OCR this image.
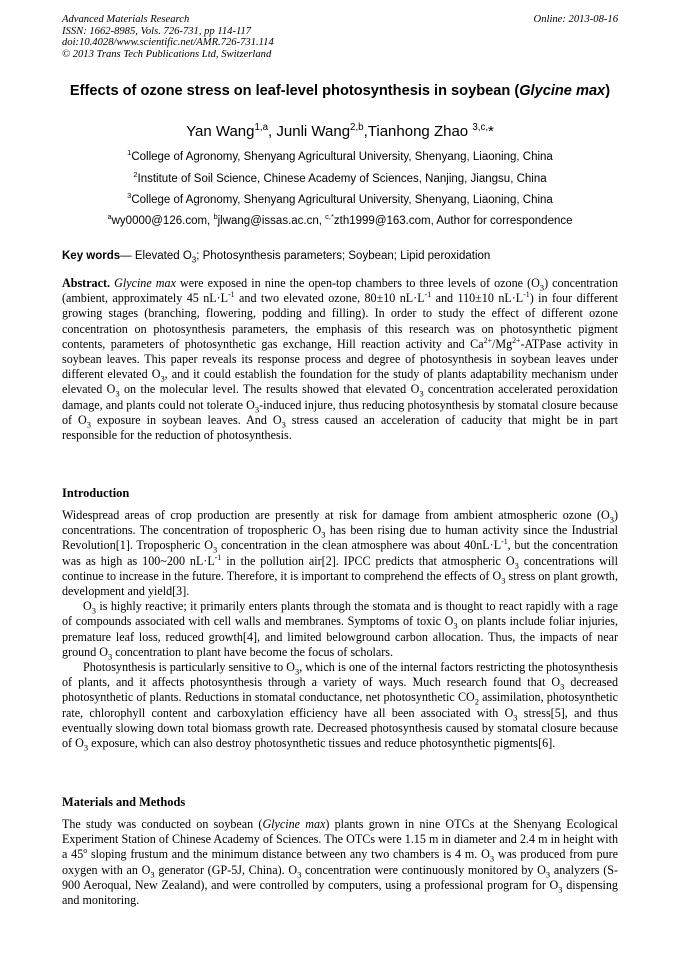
Advanced Materials Research
ISSN: 1662-8985, Vols. 726-731, pp 114-117
doi:10.4028/www.scientific.net/AMR.726-731.114
© 2013 Trans Tech Publications Ltd, Switzerland
Online: 2013-08-16
Effects of ozone stress on leaf-level photosynthesis in soybean (Glycine max)
Yan Wang$^{1,a}$, Junli Wang$^{2,b}$,Tianhong Zhao $^{3,c,}$*
$^1$College of Agronomy, Shenyang Agricultural University, Shenyang, Liaoning, China
$^2$Institute of Soil Science, Chinese Academy of Sciences, Nanjing, Jiangsu, China
$^3$College of Agronomy, Shenyang Agricultural University, Shenyang, Liaoning, China
$^a$wy0000@126.com, $^b$jlwang@issas.ac.cn, $^{c,*}$zth1999@163.com, Author for correspondence
Key words— Elevated $O_3$; Photosynthesis parameters; Soybean; Lipid peroxidation

Abstract. Glycine max were exposed in nine the open-top chambers to three levels of ozone $(O_3)$ concentration (ambient, approximately 45 $nL\cdot L^{-1}$ and two elevated ozone, 80±10 $nL\cdot L^{-1}$ and 110±10 $nL\cdot L^{-1}$) in four different growing stages (branching, flowering, podding and filling). In order to study the effect of different ozone concentration on photosynthesis parameters, the emphasis of this research was on photosynthetic pigment contents, parameters of photosynthetic gas exchange, Hill reaction activity and $Ca^{2+}/Mg^{2+}$-ATPase activity in soybean leaves. This paper reveals its response process and degree of photosynthesis in soybean leaves under different elevated $O_3$, and it could establish the foundation for the study of plants adaptability mechanism under elevated $O_3$ on the molecular level. The results showed that elevated $O_3$ concentration accelerated peroxidation damage, and plants could not tolerate $O_3$-induced injure, thus reducing photosynthesis by stomatal closure because of $O_3$ exposure in soybean leaves. And $O_3$ stress caused an acceleration of caducity that might be in part responsible for the reduction of photosynthesis.

Introduction

Widespread areas of crop production are presently at risk for damage from ambient atmospheric ozone $(O_3)$ concentrations. The concentration of tropospheric $O_3$ has been rising due to human activity since the Industrial Revolution[1]. Tropospheric $O_3$ concentration in the clean atmosphere was about $40nL\cdot L^{-1}$, but the concentration was as high as 100~200 $nL\cdot L^{-1}$ in the pollution air[2]. IPCC predicts that atmospheric $O_3$ concentrations will continue to increase in the future. Therefore, it is important to comprehend the effects of $O_3$ stress on plant growth, development and yield[3].

$O_3$ is highly reactive; it primarily enters plants through the stomata and is thought to react rapidly with a rage of compounds associated with cell walls and membranes. Symptoms of toxic $O_3$ on plants include foliar injuries, premature leaf loss, reduced growth[4], and limited belowground carbon allocation. Thus, the impacts of near ground $O_3$ concentration to plant have become the focus of scholars.

Photosynthesis is particularly sensitive to $O_3$, which is one of the internal factors restricting the photosynthesis of plants, and it affects photosynthesis through a variety of ways. Much research found that $O_3$ decreased photosynthetic of plants. Reductions in stomatal conductance, net photosynthetic $CO_2$ assimilation, photosynthetic rate, chlorophyll content and carboxylation efficiency have all been associated with $O_3$ stress[5], and thus eventually slowing down total biomass growth rate. Decreased photosynthesis caused by stomatal closure because of $O_3$ exposure, which can also destroy photosynthetic tissues and reduce photosynthetic pigments[6].

Materials and Methods

The study was conducted on soybean (Glycine max) plants grown in nine OTCs at the Shenyang Ecological Experiment Station of Chinese Academy of Sciences. The OTCs were 1.15 m in diameter and 2.4 m in height with a 45$^o$ sloping frustum and the minimum distance between any two chambers is 4 m. $O_3$ was produced from pure oxygen with an $O_3$ generator (GP-5J, China). $O_3$ concentration were continuously monitored by $O_3$ analyzers (S-900 Aeroqual, New Zealand), and were controlled by computers, using a professional program for $O_3$ dispensing and monitoring.
